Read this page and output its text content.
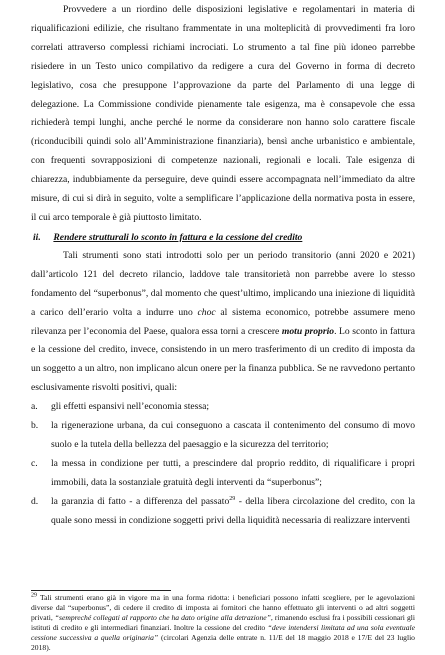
Provvedere a un riordino delle disposizioni legislative e regolamentari in materia di riqualificazioni edilizie, che risultano frammentate in una molteplicità di provvedimenti fra loro correlati attraverso complessi richiami incrociati. Lo strumento a tal fine più idoneo parrebbe risiedere in un Testo unico compilativo da redigere a cura del Governo in forma di decreto legislativo, cosa che presuppone l’approvazione da parte del Parlamento di una legge di delegazione. La Commissione condivide pienamente tale esigenza, ma è consapevole che essa richiederà tempi lunghi, anche perché le norme da considerare non hanno solo carattere fiscale (riconducibili quindi solo all’Amministrazione finanziaria), bensì anche urbanistico e ambientale, con frequenti sovrapposizioni di competenze nazionali, regionali e locali. Tale esigenza di chiarezza, indubbiamente da perseguire, deve quindi essere accompagnata nell’immediato da altre misure, di cui si dirà in seguito, volte a semplificare l’applicazione della normativa posta in essere, il cui arco temporale è già piuttosto limitato.

ii. Rendere strutturali lo sconto in fattura e la cessione del credito

Tali strumenti sono stati introdotti solo per un periodo transitorio (anni 2020 e 2021) dall’articolo 121 del decreto rilancio, laddove tale transitorietà non parrebbe avere lo stesso fondamento del “superbonus”, dal momento che quest’ultimo, implicando una iniezione di liquidità a carico dell’erario volta a indurre uno choc al sistema economico, potrebbe assumere meno rilevanza per l’economia del Paese, qualora essa torni a crescere motu proprio. Lo sconto in fattura e la cessione del credito, invece, consistendo in un mero trasferimento di un credito di imposta da un soggetto a un altro, non implicano alcun onere per la finanza pubblica. Se ne ravvedono pertanto esclusivamente risvolti positivi, quali:

a. gli effetti espansivi nell’economia stessa;
b. la rigenerazione urbana, da cui conseguono a cascata il contenimento del consumo di movo suolo e la tutela della bellezza del paesaggio e la sicurezza del territorio;
c. la messa in condizione per tutti, a prescindere dal proprio reddito, di riqualificare i propri immobili, data la sostanziale gratuità degli interventi da “superbonus”;
d. la garanzia di fatto - a differenza del passato$^{29}$ - della libera circolazione del credito, con la quale sono messi in condizione soggetti privi della liquidità necessaria di realizzare interventi
$^{29}$ Tali strumenti erano già in vigore ma in una forma ridotta: i beneficiari possono infatti scegliere, per le agevolazioni diverse dal “superbonus”, di cedere il credito di imposta ai fornitori che hanno effettuato gli interventi o ad altri soggetti privati, “sempreché collegati al rapporto che ha dato origine alla detrazione”, rimanendo esclusi fra i possibili cessionari gli istituti di credito e gli intermediari finanziari. Inoltre la cessione del credito “deve intendersi limitata ad una sola eventuale cessione successiva a quella originaria” (circolari Agenzia delle entrate n. 11/E del 18 maggio 2018 e 17/E del 23 luglio 2018).
